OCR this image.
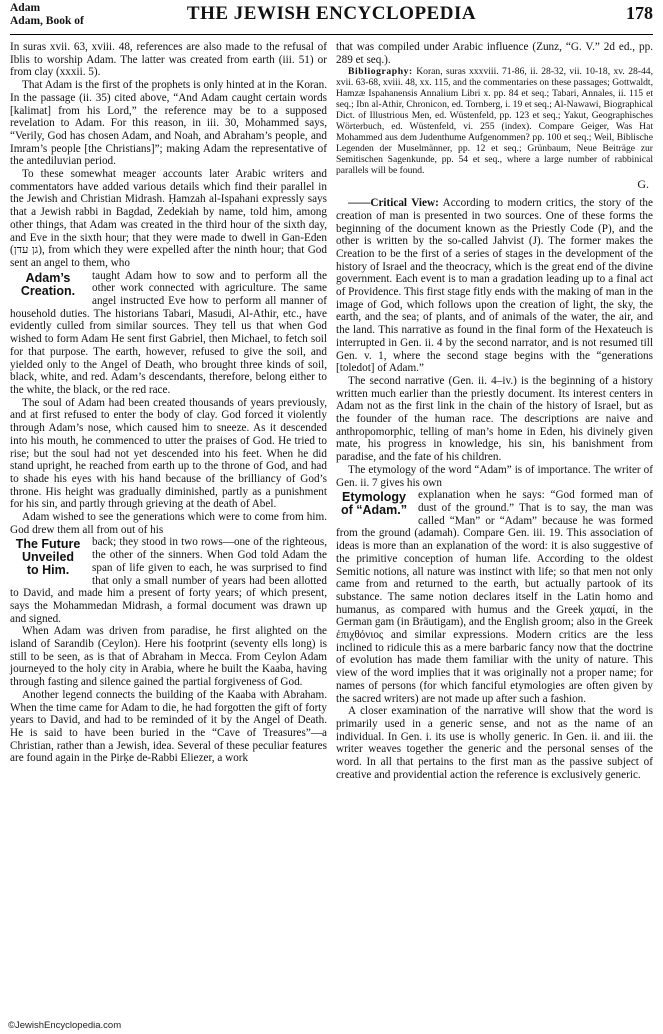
Adam
Adam, Book of	THE JEWISH ENCYCLOPEDIA	178

In suras xvii. 63, xviii. 48, references are also made to the refusal of Iblis to worship Adam. The latter was created from earth (iii. 51) or from clay (xxxii. 5).

That Adam is the first of the prophets is only hinted at in the Koran. In the passage (ii. 35) cited above, “And Adam caught certain words [kalimat] from his Lord,” the reference may be to a supposed revelation to Adam. For this reason, in iii. 30, Mohammed says, “Verily, God has chosen Adam, and Noah, and Abraham’s people, and Imram’s people [the Christians]”; making Adam the representative of the antediluvian period.

To these somewhat meager accounts later Arabic writers and commentators have added various details which find their parallel in the Jewish and Christian Midrash. Ḥamzah al-Ispahani expressly says that a Jewish rabbi in Bagdad, Zedekiah by name, told him, among other things, that Adam was created in the third hour of the sixth day, and Eve in the sixth hour; that they were made to dwell in Gan-Eden (גן עדן), from which they were expelled after the ninth hour; that God sent an angel to them, who

Adam’s
Creation.
taught Adam how to sow and to perform all the other work connected with agriculture. The same angel instructed Eve how to perform all manner of household duties. The historians Tabari, Masudi, Al-Athir, etc., have evidently culled from similar sources. They tell us that when God wished to form Adam He sent first Gabriel, then Michael, to fetch soil for that purpose. The earth, however, refused to give the soil, and yielded only to the Angel of Death, who brought three kinds of soil, black, white, and red. Adam’s descendants, therefore, belong either to the white, the black, or the red race.

The soul of Adam had been created thousands of years previously, and at first refused to enter the body of clay. God forced it violently through Adam’s nose, which caused him to sneeze. As it descended into his mouth, he commenced to utter the praises of God. He tried to rise; but the soul had not yet descended into his feet. When he did stand upright, he reached from earth up to the throne of God, and had to shade his eyes with his hand because of the brilliancy of God’s throne. His height was gradually diminished, partly as a punishment for his sin, and partly through grieving at the death of Abel.

Adam wished to see the generations which were to come from him. God drew them all from out of his

The Future
Unveiled
to Him.
back; they stood in two rows—one of the righteous, the other of the sinners. When God told Adam the span of life given to each, he was surprised to find that only a small number of years had been allotted to David, and made him a present of forty years; of which present, says the Mohammedan Midrash, a formal document was drawn up and signed.

When Adam was driven from paradise, he first alighted on the island of Sarandib (Ceylon). Here his footprint (seventy ells long) is still to be seen, as is that of Abraham in Mecca. From Ceylon Adam journeyed to the holy city in Arabia, where he built the Kaaba, having through fasting and silence gained the partial forgiveness of God.

Another legend connects the building of the Kaaba with Abraham. When the time came for Adam to die, he had forgotten the gift of forty years to David, and had to be reminded of it by the Angel of Death. He is said to have been buried in the “Cave of Treasures”—a Christian, rather than a Jewish, idea. Several of these peculiar features are found again in the Pirḳe de-Rabbi Eliezer, a work

that was compiled under Arabic influence (Zunz, “G. V.” 2d ed., pp. 289 et seq.).

Bibliography: Koran, suras xxxviii. 71-86, ii. 28-32, vii. 10-18, xv. 28-44, xvii. 63-68, xviii. 48, xx. 115, and the commentaries on these passages; Gottwaldt, Hamzæ Ispahanensis Annalium Libri x. pp. 84 et seq.; Tabari, Annales, ii. 115 et seq.; Ibn al-Athir, Chronicon, ed. Tornberg, i. 19 et seq.; Al-Nawawi, Biographical Dict. of Illustrious Men, ed. Wüstenfeld, pp. 123 et seq.; Yakut, Geographisches Wörterbuch, ed. Wüstenfeld, vi. 255 (index). Compare Geiger, Was Hat Mohammed aus dem Judenthume Aufgenommen? pp. 100 et seq.; Weil, Biblische Legenden der Muselmänner, pp. 12 et seq.; Grünbaum, Neue Beiträge zur Semitischen Sagenkunde, pp. 54 et seq., where a large number of rabbinical parallels will be found.

G.

——Critical View: According to modern critics, the story of the creation of man is presented in two sources. One of these forms the beginning of the document known as the Priestly Code (P), and the other is written by the so-called Jahvist (J). The former makes the Creation to be the first of a series of stages in the development of the history of Israel and the theocracy, which is the great end of the divine government. Each event is to man a gradation leading up to a final act of Providence. This first stage fitly ends with the making of man in the image of God, which follows upon the creation of light, the sky, the earth, and the sea; of plants, and of animals of the water, the air, and the land. This narrative as found in the final form of the Hexateuch is interrupted in Gen. ii. 4 by the second narrator, and is not resumed till Gen. v. 1, where the second stage begins with the “generations [toledot] of Adam.”

The second narrative (Gen. ii. 4–iv.) is the beginning of a history written much earlier than the priestly document. Its interest centers in Adam not as the first link in the chain of the history of Israel, but as the founder of the human race. The descriptions are naive and anthropomorphic, telling of man’s home in Eden, his divinely given mate, his progress in knowledge, his sin, his banishment from paradise, and the fate of his children.

The etymology of the word “Adam” is of importance. The writer of Gen. ii. 7 gives his own

Etymology
of “Adam.”
explanation when he says: “God formed man of dust of the ground.” That is to say, the man was called “Man” or “Adam” because he was formed from the ground (adamah). Compare Gen. iii. 19. This association of ideas is more than an explanation of the word: it is also suggestive of the primitive conception of human life. According to the oldest Semitic notions, all nature was instinct with life; so that men not only came from and returned to the earth, but actually partook of its substance. The same notion declares itself in the Latin homo and humanus, as compared with humus and the Greek χαμαί, in the German gam (in Bräutigam), and the English groom; also in the Greek ἐπιχθόνιος and similar expressions. Modern critics are the less inclined to ridicule this as a mere barbaric fancy now that the doctrine of evolution has made them familiar with the unity of nature. This view of the word implies that it was originally not a proper name; for names of persons (for which fanciful etymologies are often given by the sacred writers) are not made up after such a fashion.

A closer examination of the narrative will show that the word is primarily used in a generic sense, and not as the name of an individual. In Gen. i. its use is wholly generic. In Gen. ii. and iii. the writer weaves together the generic and the personal senses of the word. In all that pertains to the first man as the passive subject of creative and providential action the reference is exclusively generic.

©JewishEncyclopedia.com
